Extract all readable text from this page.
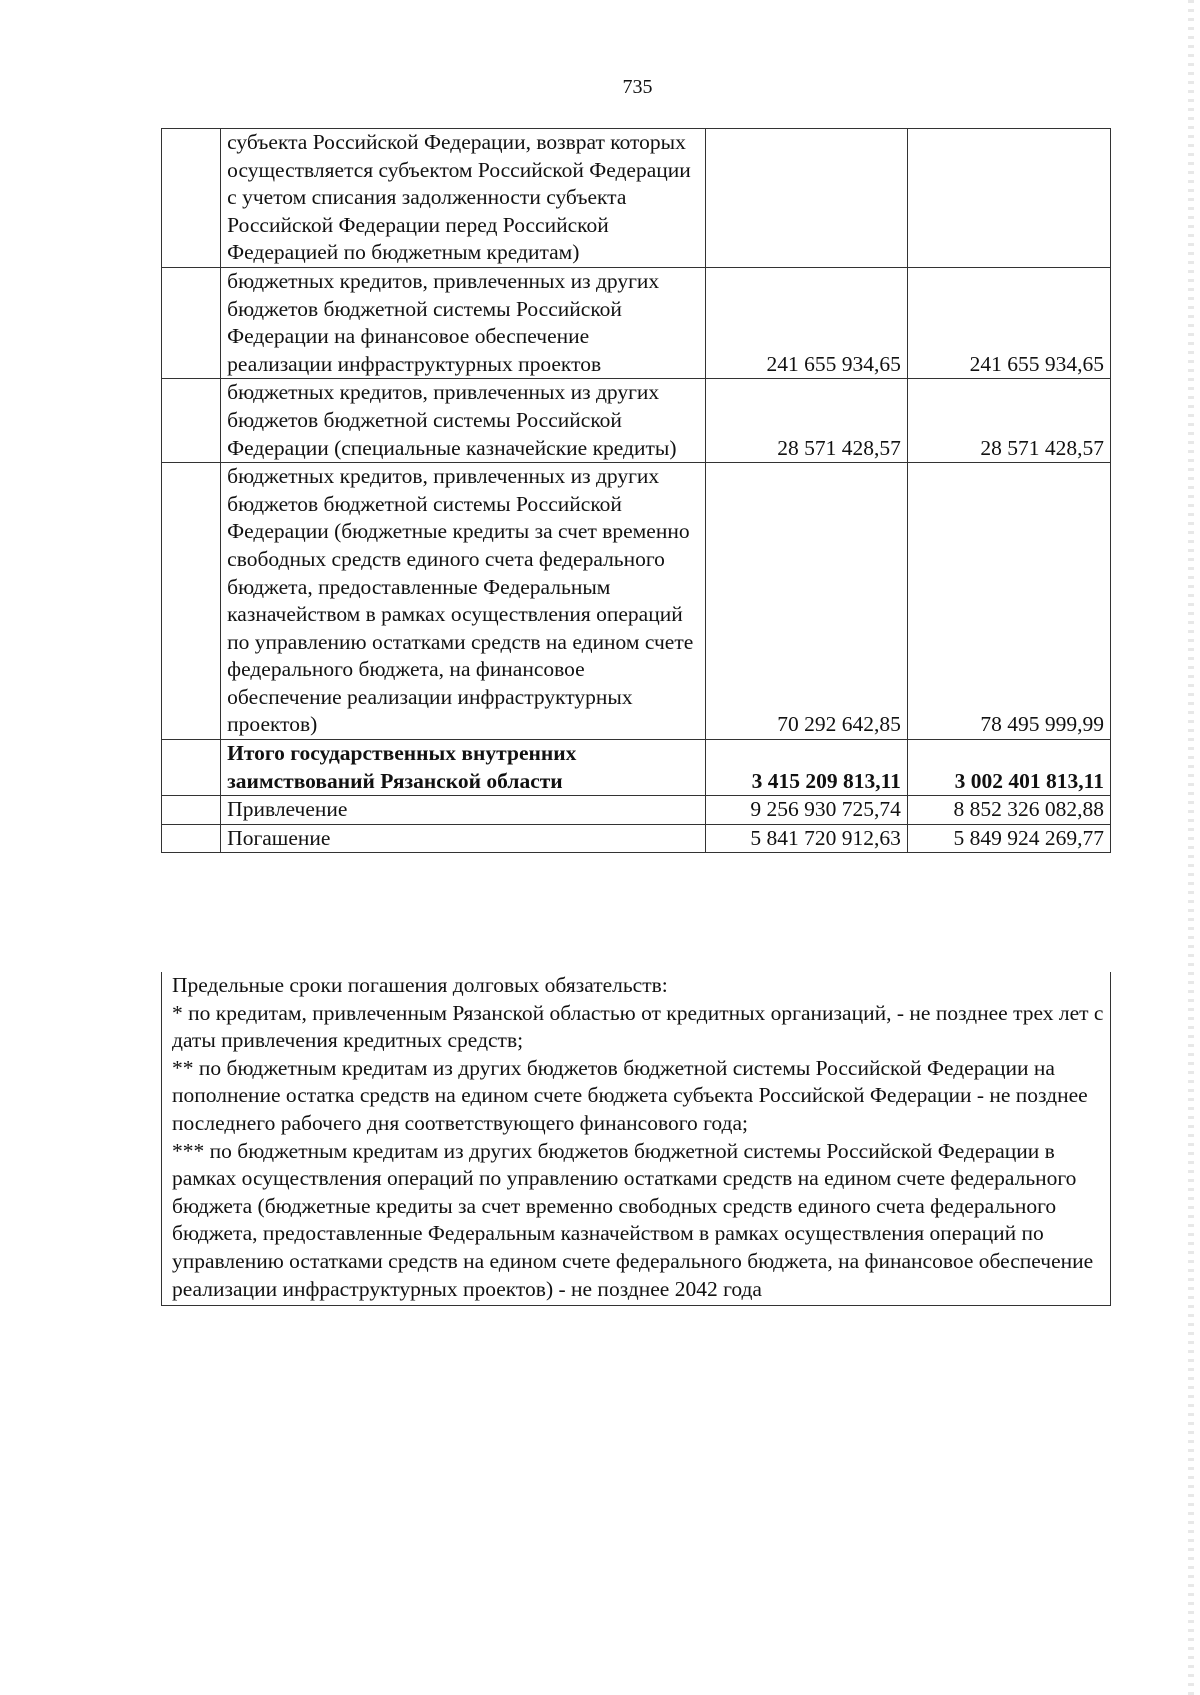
735
	субъекта Российской Федерации, возврат которых осуществляется субъектом Российской Федерации с учетом списания задолженности субъекта Российской Федерации перед Российской Федерацией по бюджетным кредитам)		
	бюджетных кредитов, привлеченных из других бюджетов бюджетной системы Российской Федерации на финансовое обеспечение реализации инфраструктурных проектов	241 655 934,65	241 655 934,65
	бюджетных кредитов, привлеченных из других бюджетов бюджетной системы Российской Федерации (специальные казначейские кредиты)	28 571 428,57	28 571 428,57
	бюджетных кредитов, привлеченных из других бюджетов бюджетной системы Российской Федерации (бюджетные кредиты за счет временно свободных средств единого счета федерального бюджета, предоставленные Федеральным казначейством в рамках осуществления операций по управлению остатками средств на едином счете федерального бюджета, на финансовое обеспечение реализации инфраструктурных проектов)	70 292 642,85	78 495 999,99
	Итого государственных внутренних заимствований Рязанской области	3 415 209 813,11	3 002 401 813,11
	Привлечение	9 256 930 725,74	8 852 326 082,88
	Погашение	5 841 720 912,63	5 849 924 269,77

Предельные сроки погашения долговых обязательств:

* по кредитам, привлеченным Рязанской областью от кредитных организаций, - не позднее трех лет с даты привлечения кредитных средств;

** по бюджетным кредитам из других бюджетов бюджетной системы Российской Федерации на пополнение остатка средств на едином счете бюджета субъекта Российской Федерации - не позднее последнего рабочего дня соответствующего финансового года;

*** по бюджетным кредитам из других бюджетов бюджетной системы Российской Федерации в рамках осуществления операций по управлению остатками средств на едином счете федерального бюджета (бюджетные кредиты за счет временно свободных средств единого счета федерального бюджета, предоставленные Федеральным казначейством в рамках осуществления операций по управлению остатками средств на едином счете федерального бюджета, на финансовое обеспечение реализации инфраструктурных проектов) - не позднее 2042 года
